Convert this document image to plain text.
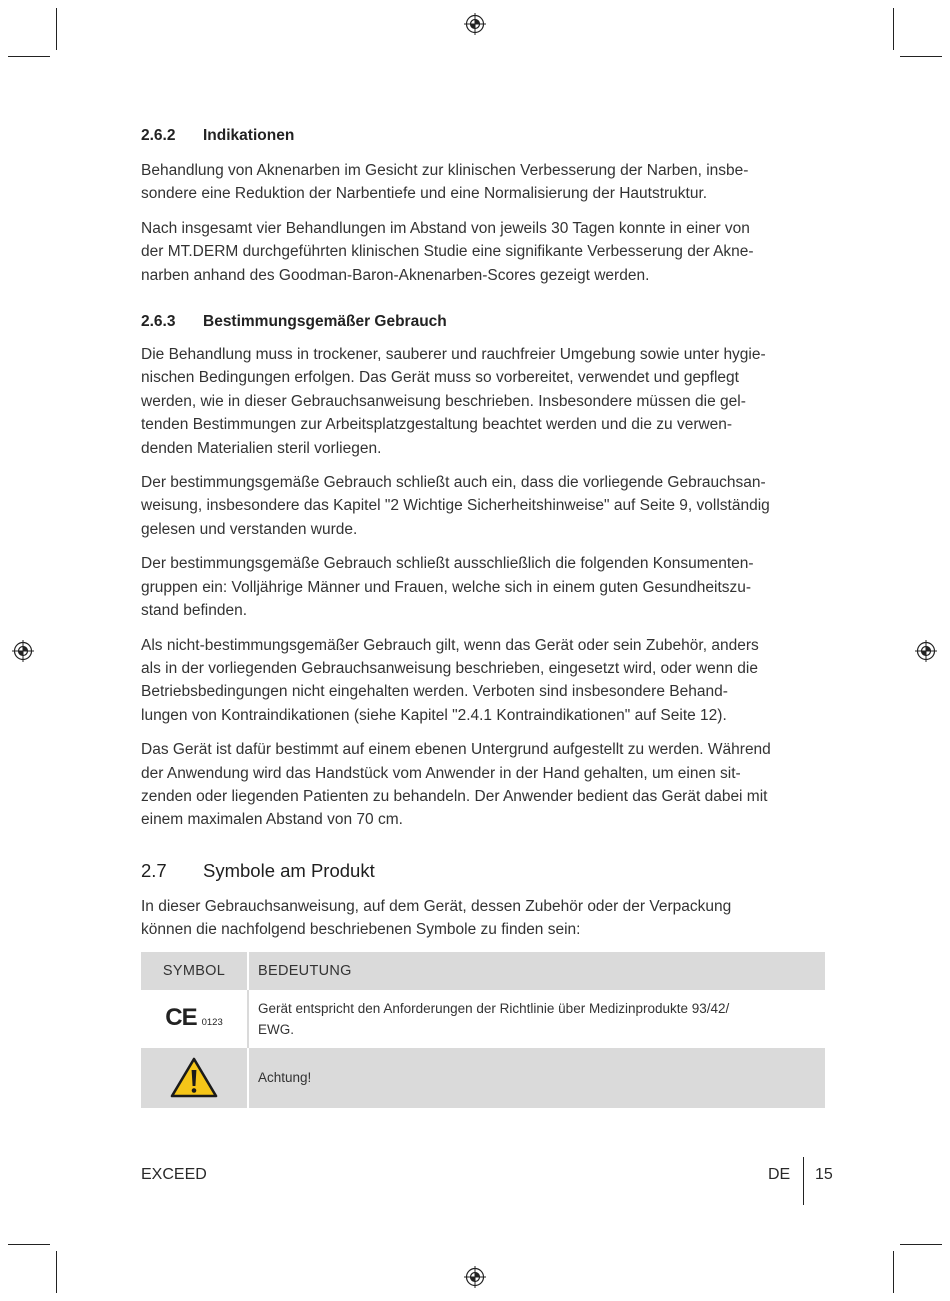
2.6.2	Indikationen

Behandlung von Aknenarben im Gesicht zur klinischen Verbesserung der Narben, insbe-
sondere eine Reduktion der Narbentiefe und eine Normalisierung der Hautstruktur.

Nach insgesamt vier Behandlungen im Abstand von jeweils 30 Tagen konnte in einer von
der MT.DERM durchgeführten klinischen Studie eine signifikante Verbesserung der Akne-
narben anhand des Goodman-Baron-Aknenarben-Scores gezeigt werden.

2.6.3	Bestimmungsgemäßer Gebrauch

Die Behandlung muss in trockener, sauberer und rauchfreier Umgebung sowie unter hygie-
nischen Bedingungen erfolgen. Das Gerät muss so vorbereitet, verwendet und gepflegt
werden, wie in dieser Gebrauchsanweisung beschrieben. Insbesondere müssen die gel-
tenden Bestimmungen zur Arbeitsplatzgestaltung beachtet werden und die zu verwen-
denden Materialien steril vorliegen.

Der bestimmungsgemäße Gebrauch schließt auch ein, dass die vorliegende Gebrauchsan-
weisung, insbesondere das Kapitel "2 Wichtige Sicherheitshinweise" auf Seite 9, vollständig
gelesen und verstanden wurde.

Der bestimmungsgemäße Gebrauch schließt ausschließlich die folgenden Konsumenten-
gruppen ein: Volljährige Männer und Frauen, welche sich in einem guten Gesundheitszu-
stand befinden.

Als nicht-bestimmungsgemäßer Gebrauch gilt, wenn das Gerät oder sein Zubehör, anders
als in der vorliegenden Gebrauchsanweisung beschrieben, eingesetzt wird, oder wenn die
Betriebsbedingungen nicht eingehalten werden. Verboten sind insbesondere Behand-
lungen von Kontraindikationen (siehe Kapitel "2.4.1 Kontraindikationen" auf Seite 12).

Das Gerät ist dafür bestimmt auf einem ebenen Untergrund aufgestellt zu werden. Während
der Anwendung wird das Handstück vom Anwender in der Hand gehalten, um einen sit-
zenden oder liegenden Patienten zu behandeln. Der Anwender bedient das Gerät dabei mit
einem maximalen Abstand von 70 cm.

2.7	Symbole am Produkt

In dieser Gebrauchsanweisung, auf dem Gerät, dessen Zubehör oder der Verpackung
können die nachfolgend beschriebenen Symbole zu finden sein:

SYMBOL	BEDEUTUNG

CE 0123	Gerät entspricht den Anforderungen der Richtlinie über Medizinprodukte 93/42/
EWG.
	Achtung!
EXCEED	DE 15
